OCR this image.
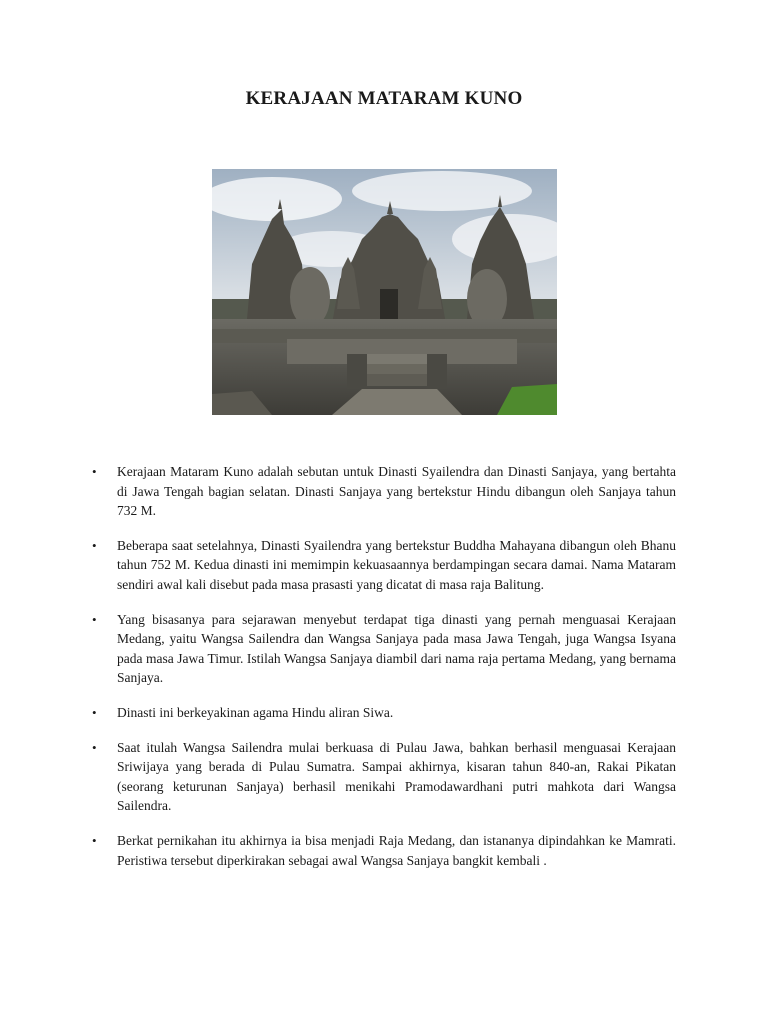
KERAJAAN MATARAM KUNO
• Kerajaan Mataram Kuno adalah sebutan untuk Dinasti Syailendra dan Dinasti Sanjaya, yang bertahta di Jawa Tengah bagian selatan. Dinasti Sanjaya yang bertekstur Hindu dibangun oleh Sanjaya tahun 732 M.
• Beberapa saat setelahnya, Dinasti Syailendra yang bertekstur Buddha Mahayana dibangun oleh Bhanu tahun 752 M. Kedua dinasti ini memimpin kekuasaannya berdampingan secara damai. Nama Mataram sendiri awal kali disebut pada masa prasasti yang dicatat di masa raja Balitung.
• Yang bisasanya para sejarawan menyebut terdapat tiga dinasti yang pernah menguasai Kerajaan Medang, yaitu Wangsa Sailendra dan Wangsa Sanjaya pada masa Jawa Tengah, juga Wangsa Isyana pada masa Jawa Timur. Istilah Wangsa Sanjaya diambil dari nama raja pertama Medang, yang bernama Sanjaya.
• Dinasti ini berkeyakinan agama Hindu aliran Siwa.
• Saat itulah Wangsa Sailendra mulai berkuasa di Pulau Jawa, bahkan berhasil menguasai Kerajaan Sriwijaya yang berada di Pulau Sumatra. Sampai akhirnya, kisaran tahun 840-an, Rakai Pikatan (seorang keturunan Sanjaya) berhasil menikahi Pramodawardhani putri mahkota dari Wangsa Sailendra.
• Berkat pernikahan itu akhirnya ia bisa menjadi Raja Medang, dan istananya dipindahkan ke Mamrati. Peristiwa tersebut diperkirakan sebagai awal Wangsa Sanjaya bangkit kembali .
